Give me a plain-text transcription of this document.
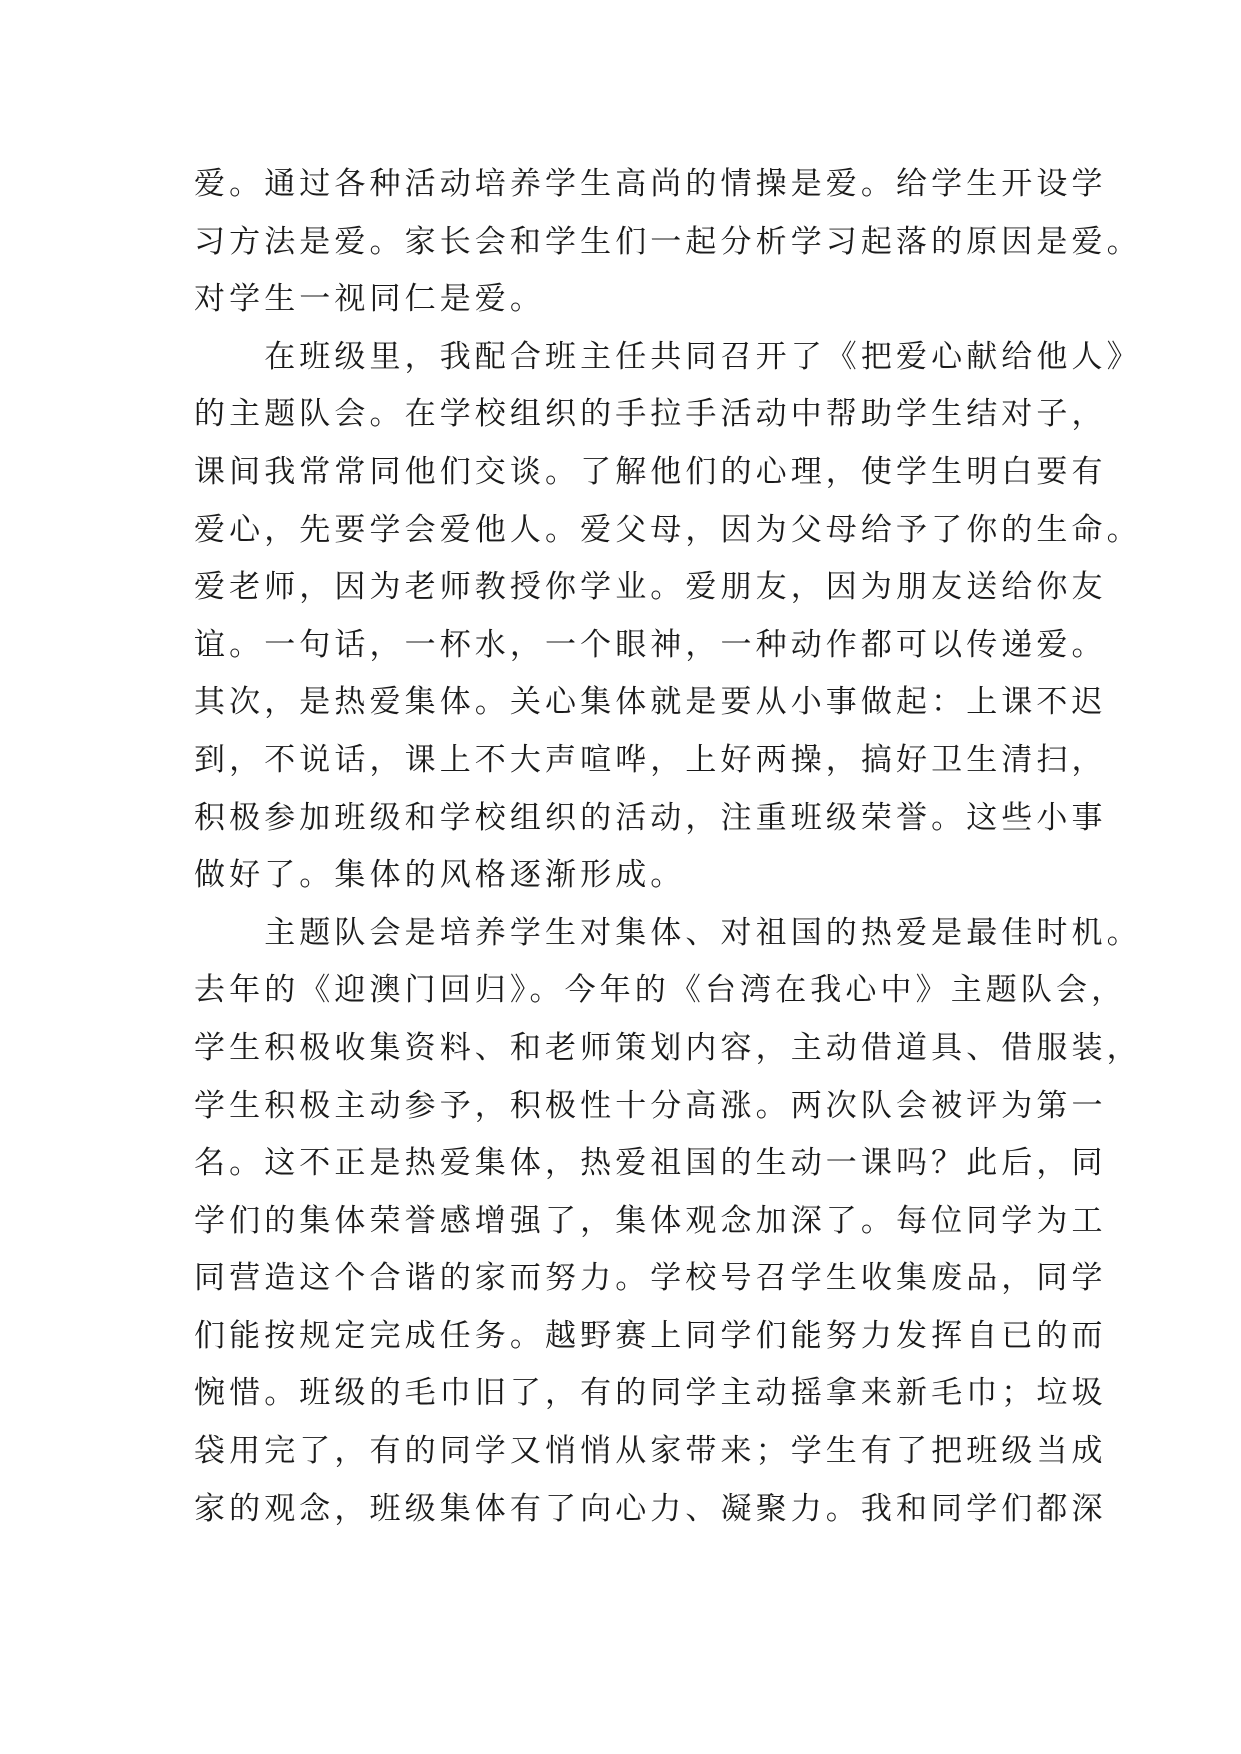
爱。通过各种活动培养学生高尚的情操是爱。给学生开设学
习方法是爱。家长会和学生们一起分析学习起落的原因是爱。
对学生一视同仁是爱。
　　在班级里，我配合班主任共同召开了《把爱心献给他人》
的主题队会。在学校组织的手拉手活动中帮助学生结对子，
课间我常常同他们交谈。了解他们的心理，使学生明白要有
爱心，先要学会爱他人。爱父母，因为父母给予了你的生命。
爱老师，因为老师教授你学业。爱朋友，因为朋友送给你友
谊。一句话，一杯水，一个眼神，一种动作都可以传递爱。
其次，是热爱集体。关心集体就是要从小事做起：上课不迟
到，不说话，课上不大声喧哗，上好两操，搞好卫生清扫，
积极参加班级和学校组织的活动，注重班级荣誉。这些小事
做好了。集体的风格逐渐形成。
　　主题队会是培养学生对集体、对祖国的热爱是最佳时机。
去年的《迎澳门回归》。今年的《台湾在我心中》主题队会，
学生积极收集资料、和老师策划内容，主动借道具、借服装，
学生积极主动参予，积极性十分高涨。两次队会被评为第一
名。这不正是热爱集体，热爱祖国的生动一课吗？此后，同
学们的集体荣誉感增强了，集体观念加深了。每位同学为工
同营造这个合谐的家而努力。学校号召学生收集废品，同学
们能按规定完成任务。越野赛上同学们能努力发挥自已的而
惋惜。班级的毛巾旧了，有的同学主动摇拿来新毛巾；垃圾
袋用完了，有的同学又悄悄从家带来；学生有了把班级当成
家的观念，班级集体有了向心力、凝聚力。我和同学们都深
